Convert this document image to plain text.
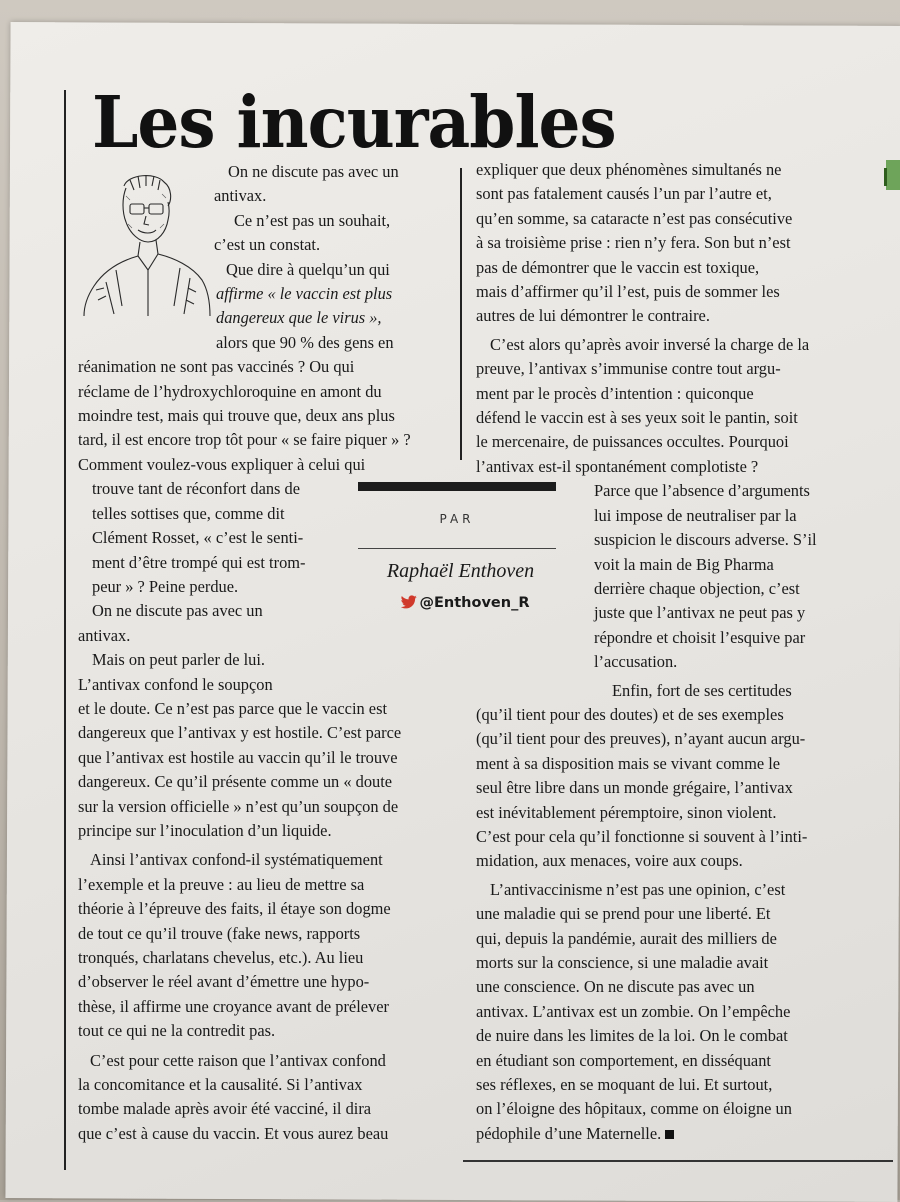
Les incurables
On ne discute pas avec un
antivax.
Ce n’est pas un souhait,
c’est un constat.
Que dire à quelqu’un qui
affirme « le vaccin est plus
dangereux que le virus »,
alors que 90 % des gens en
réanimation ne sont pas vaccinés ? Ou qui
réclame de l’hydroxychloroquine en amont du
moindre test, mais qui trouve que, deux ans plus
tard, il est encore trop tôt pour « se faire piquer » ?
Comment voulez-vous expliquer à celui qui
trouve tant de réconfort dans de
telles sottises que, comme dit
Clément Rosset, « c’est le senti-
ment d’être trompé qui est trom-
peur » ? Peine perdue.
On ne discute pas avec un
antivax.
Mais on peut parler de lui.
L’antivax confond le soupçon
et le doute. Ce n’est pas parce que le vaccin est
dangereux que l’antivax y est hostile. C’est parce
que l’antivax est hostile au vaccin qu’il le trouve
dangereux. Ce qu’il présente comme un « doute
sur la version officielle » n’est qu’un soupçon de
principe sur l’inoculation d’un liquide.
Ainsi l’antivax confond-il systématiquement
l’exemple et la preuve : au lieu de mettre sa
théorie à l’épreuve des faits, il étaye son dogme
de tout ce qu’il trouve (fake news, rapports
tronqués, charlatans chevelus, etc.). Au lieu
d’observer le réel avant d’émettre une hypo-
thèse, il affirme une croyance avant de prélever
tout ce qui ne la contredit pas.
C’est pour cette raison que l’antivax confond
la concomitance et la causalité. Si l’antivax
tombe malade après avoir été vacciné, il dira
que c’est à cause du vaccin. Et vous aurez beau
PAR
Raphaël Enthoven
@Enthoven_R
expliquer que deux phénomènes simultanés ne
sont pas fatalement causés l’un par l’autre et,
qu’en somme, sa cataracte n’est pas consécutive
à sa troisième prise : rien n’y fera. Son but n’est
pas de démontrer que le vaccin est toxique,
mais d’affirmer qu’il l’est, puis de sommer les
autres de lui démontrer le contraire.
C’est alors qu’après avoir inversé la charge de la
preuve, l’antivax s’immunise contre tout argu-
ment par le procès d’intention : quiconque
défend le vaccin est à ses yeux soit le pantin, soit
le mercenaire, de puissances occultes. Pourquoi
l’antivax est-il spontanément complotiste ?
Parce que l’absence d’arguments
lui impose de neutraliser par la
suspicion le discours adverse. S’il
voit la main de Big Pharma
derrière chaque objection, c’est
juste que l’antivax ne peut pas y
répondre et choisit l’esquive par
l’accusation.
Enfin, fort de ses certitudes
(qu’il tient pour des doutes) et de ses exemples
(qu’il tient pour des preuves), n’ayant aucun argu-
ment à sa disposition mais se vivant comme le
seul être libre dans un monde grégaire, l’antivax
est inévitablement péremptoire, sinon violent.
C’est pour cela qu’il fonctionne si souvent à l’inti-
midation, aux menaces, voire aux coups.
L’antivaccinisme n’est pas une opinion, c’est
une maladie qui se prend pour une liberté. Et
qui, depuis la pandémie, aurait des milliers de
morts sur la conscience, si une maladie avait
une conscience. On ne discute pas avec un
antivax. L’antivax est un zombie. On l’empêche
de nuire dans les limites de la loi. On le combat
en étudiant son comportement, en disséquant
ses réflexes, en se moquant de lui. Et surtout,
on l’éloigne des hôpitaux, comme on éloigne un
pédophile d’une Maternelle.
